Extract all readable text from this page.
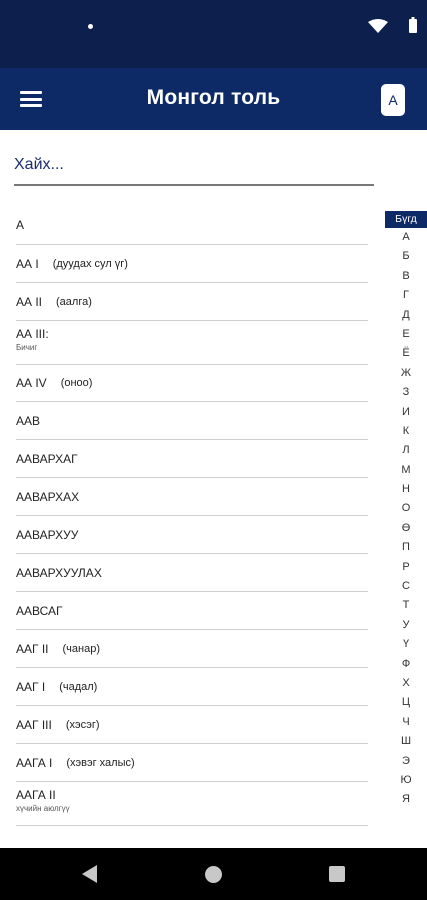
Монгол толь	А
Хайх...
А
АА I (дуудах сул үг)
АА II (аалга)
АА III:
Бичиг
АА IV (оноо)
ААВ
ААВАРХАГ
ААВАРХАХ
ААВАРХУУ
ААВАРХУУЛАХ
ААВСАГ
ААГ II (чанар)
ААГ I (чадал)
ААГ III (хэсэг)
ААГА I (хэвэг халыс)
ААГА II
хүчийн аюлгүү
Бүгд
А
Б
В
Г
Д
Е
Ё
Ж
З
И
К
Л
М
Н
О
Ө
П
Р
С
Т
У
Ү
Ф
Х
Ц
Ч
Ш
Э
Ю
Я
